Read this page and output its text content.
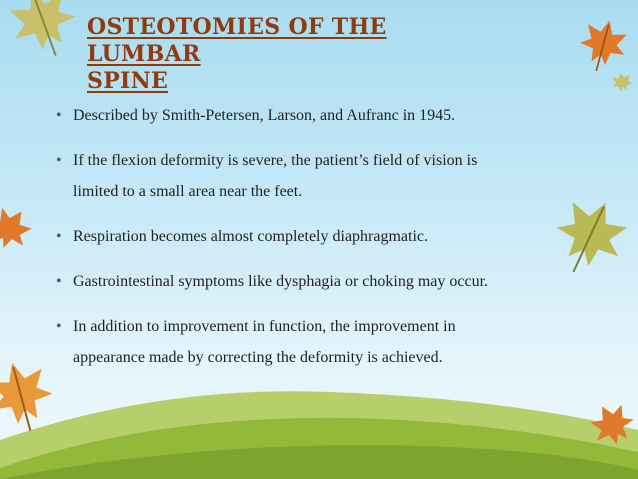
OSTEOTOMIES OF THE LUMBAR
SPINE
• Described by Smith-Petersen, Larson, and Aufranc in 1945.
• If the flexion deformity is severe, the patient’s field of vision is
limited to a small area near the feet.
• Respiration becomes almost completely diaphragmatic.
• Gastrointestinal symptoms like dysphagia or choking may occur.
• In addition to improvement in function, the improvement in
appearance made by correcting the deformity is achieved.
